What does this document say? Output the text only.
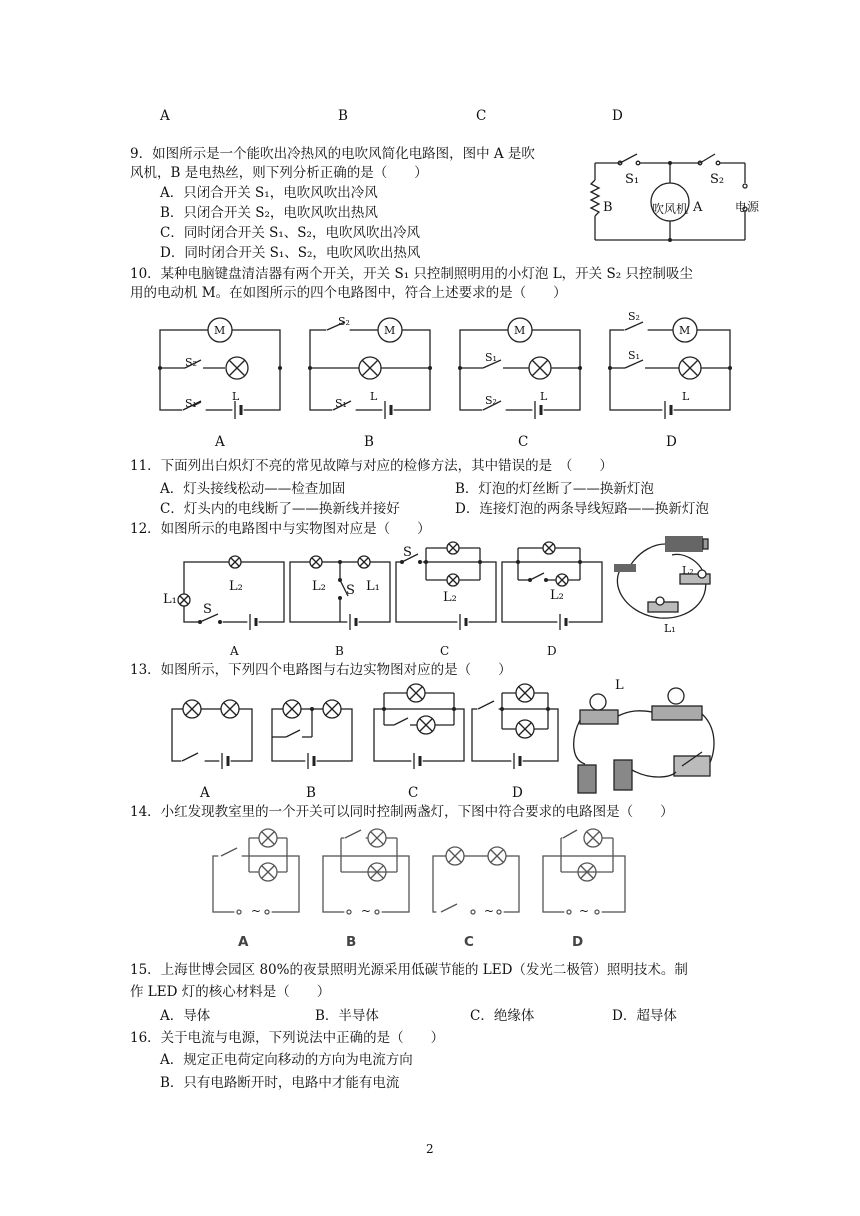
A	B	C	D
9．如图所示是一个能吹出冷热风的电吹风简化电路图，图中 A 是吹
风机，B 是电热丝，则下列分析正确的是（　　）
A．只闭合开关 S₁，电吹风吹出冷风
B．只闭合开关 S₂，电吹风吹出热风
C．同时闭合开关 S₁、S₂，电吹风吹出冷风
D．同时闭合开关 S₁、S₂，电吹风吹出热风
S₁	S₂
B	吹风机 A	电源
10．某种电脑键盘清洁器有两个开关，开关 S₁ 只控制照明用的小灯泡 L，开关 S₂ 只控制吸尘
用的电动机 M。在如图所示的四个电路图中，符合上述要求的是（　　）
M	M	M	M
S₂
S₁
L
S₂
S₁
L
S₁
S₂	L
S₂
S₁
L
A	B	C	D
11．下面列出白炽灯不亮的常见故障与对应的检修方法，其中错误的是　（　　）
A．灯头接线松动——检查加固	B．灯泡的灯丝断了——换新灯泡
C．灯头内的电线断了——换新线并接好	D．连接灯泡的两条导线短路——换新灯泡
12．如图所示的电路图中与实物图对应是（　　）
L₂
L₁
S
L₂ S L₁
S
L₂	L₂
L₂
L₁
A	B	C	D
13．如图所示，下列四个电路图与右边实物图对应的是（　　）
L
A	B	C	D
14．小红发现教室里的一个开关可以同时控制两盏灯，下图中符合要求的电路图是（　　）
~	~	~	~
A	B	C	D
15．上海世博会园区 80%的夜景照明光源采用低碳节能的 LED（发光二极管）照明技术。制
作 LED 灯的核心材料是（　　）
A．导体	B．半导体	C．绝缘体	D．超导体
16．关于电流与电源，下列说法中正确的是（　　）
A．规定正电荷定向移动的方向为电流方向
B．只有电路断开时，电路中才能有电流
2
